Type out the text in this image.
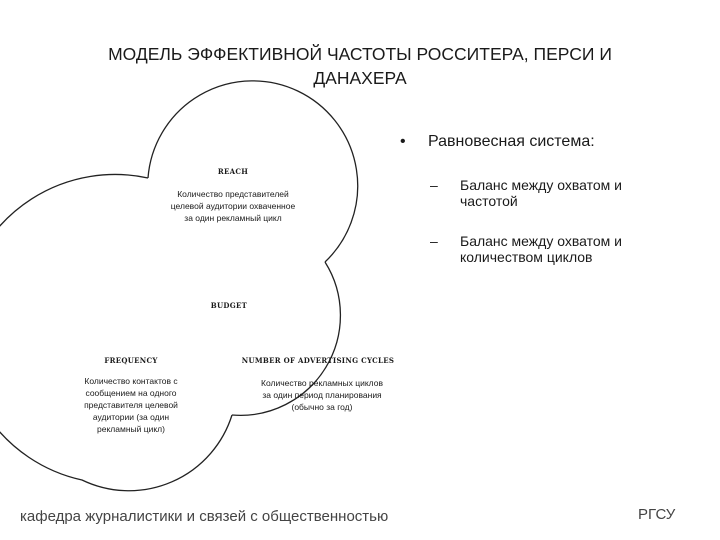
МОДЕЛЬ ЭФФЕКТИВНОЙ ЧАСТОТЫ РОССИТЕРА, ПЕРСИ И
ДАНАХЕРА
REACH
Количество представителей
целевой аудитории охваченное
за один рекламный цикл
BUDGET
FREQUENCY
Количество контактов с
сообщением на одного
представителя целевой
аудитории (за один
рекламный цикл)
NUMBER OF ADVERTISING CYCLES
Количество рекламных циклов
за один период планирования
(обычно за год)
• Равновесная система:
– Баланс между охватом и частотой
– Баланс между охватом и количеством циклов
кафедра журналистики и связей с общественностью	РГСУ
